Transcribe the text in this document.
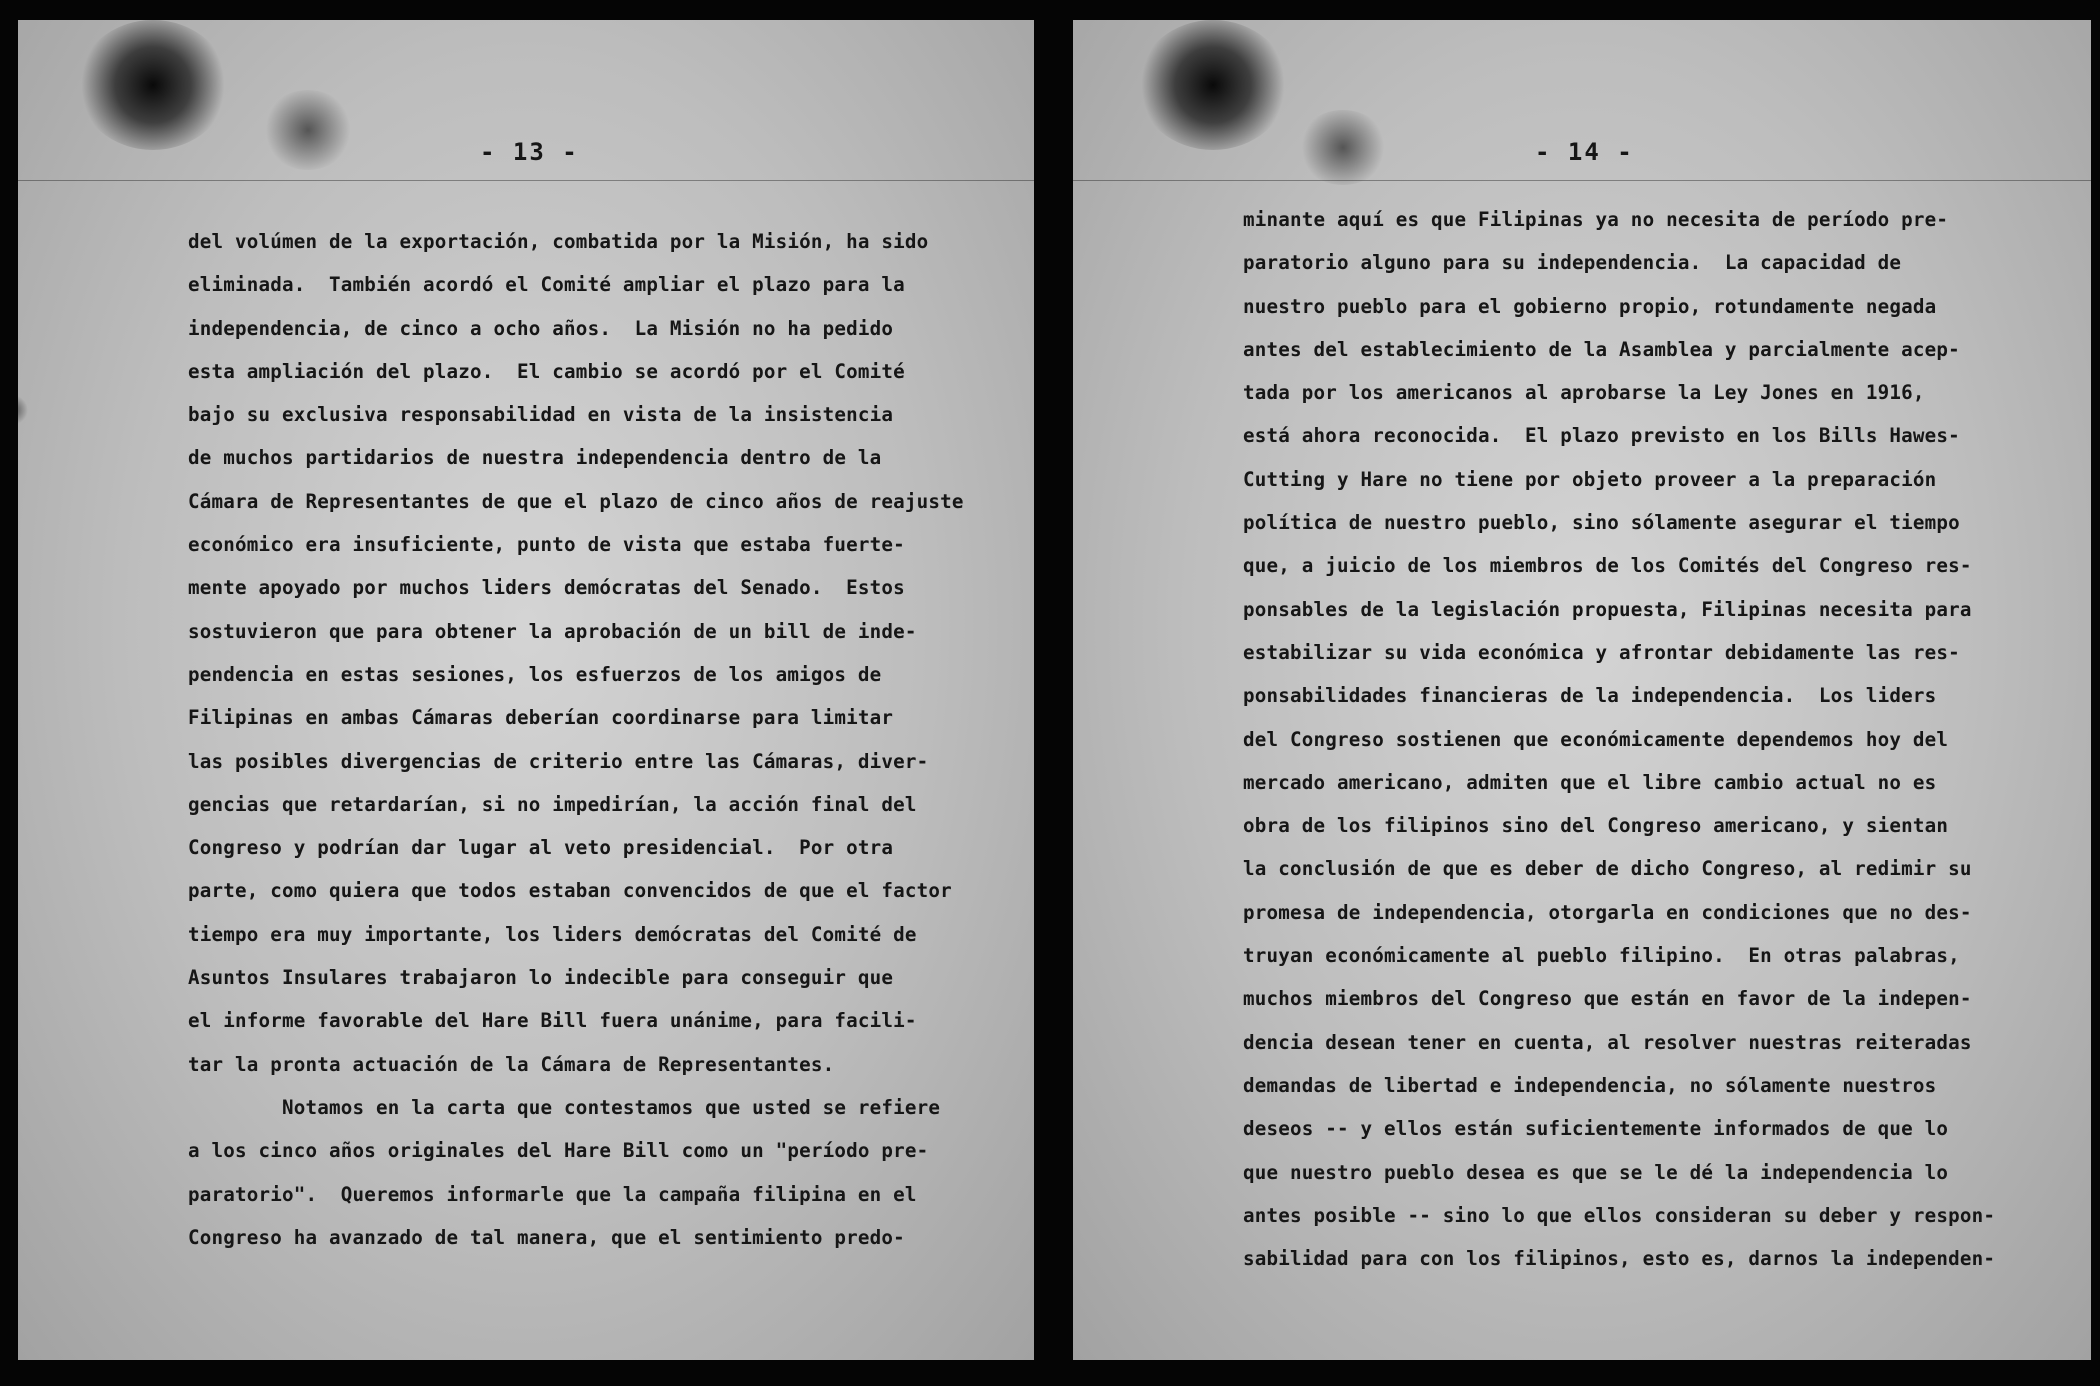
- 13 -
del volúmen de la exportación, combatida por la Misión, ha sido
eliminada.  También acordó el Comité ampliar el plazo para la
independencia, de cinco a ocho años.  La Misión no ha pedido
esta ampliación del plazo.  El cambio se acordó por el Comité
bajo su exclusiva responsabilidad en vista de la insistencia
de muchos partidarios de nuestra independencia dentro de la
Cámara de Representantes de que el plazo de cinco años de reajuste
económico era insuficiente, punto de vista que estaba fuerte-
mente apoyado por muchos liders demócratas del Senado.  Estos
sostuvieron que para obtener la aprobación de un bill de inde-
pendencia en estas sesiones, los esfuerzos de los amigos de
Filipinas en ambas Cámaras deberían coordinarse para limitar
las posibles divergencias de criterio entre las Cámaras, diver-
gencias que retardarían, si no impedirían, la acción final del
Congreso y podrían dar lugar al veto presidencial.  Por otra
parte, como quiera que todos estaban convencidos de que el factor
tiempo era muy importante, los liders demócratas del Comité de
Asuntos Insulares trabajaron lo indecible para conseguir que
el informe favorable del Hare Bill fuera unánime, para facili-
tar la pronta actuación de la Cámara de Representantes.
Notamos en la carta que contestamos que usted se refiere
a los cinco años originales del Hare Bill como un "período pre-
paratorio".  Queremos informarle que la campaña filipina en el
Congreso ha avanzado de tal manera, que el sentimiento predo-
- 14 -
minante aquí es que Filipinas ya no necesita de período pre-
paratorio alguno para su independencia.  La capacidad de
nuestro pueblo para el gobierno propio, rotundamente negada
antes del establecimiento de la Asamblea y parcialmente acep-
tada por los americanos al aprobarse la Ley Jones en 1916,
está ahora reconocida.  El plazo previsto en los Bills Hawes-
Cutting y Hare no tiene por objeto proveer a la preparación
política de nuestro pueblo, sino sólamente asegurar el tiempo
que, a juicio de los miembros de los Comités del Congreso res-
ponsables de la legislación propuesta, Filipinas necesita para
estabilizar su vida económica y afrontar debidamente las res-
ponsabilidades financieras de la independencia.  Los liders
del Congreso sostienen que económicamente dependemos hoy del
mercado americano, admiten que el libre cambio actual no es
obra de los filipinos sino del Congreso americano, y sientan
la conclusión de que es deber de dicho Congreso, al redimir su
promesa de independencia, otorgarla en condiciones que no des-
truyan económicamente al pueblo filipino.  En otras palabras,
muchos miembros del Congreso que están en favor de la indepen-
dencia desean tener en cuenta, al resolver nuestras reiteradas
demandas de libertad e independencia, no sólamente nuestros
deseos -- y ellos están suficientemente informados de que lo
que nuestro pueblo desea es que se le dé la independencia lo
antes posible -- sino lo que ellos consideran su deber y respon-
sabilidad para con los filipinos, esto es, darnos la independen-
